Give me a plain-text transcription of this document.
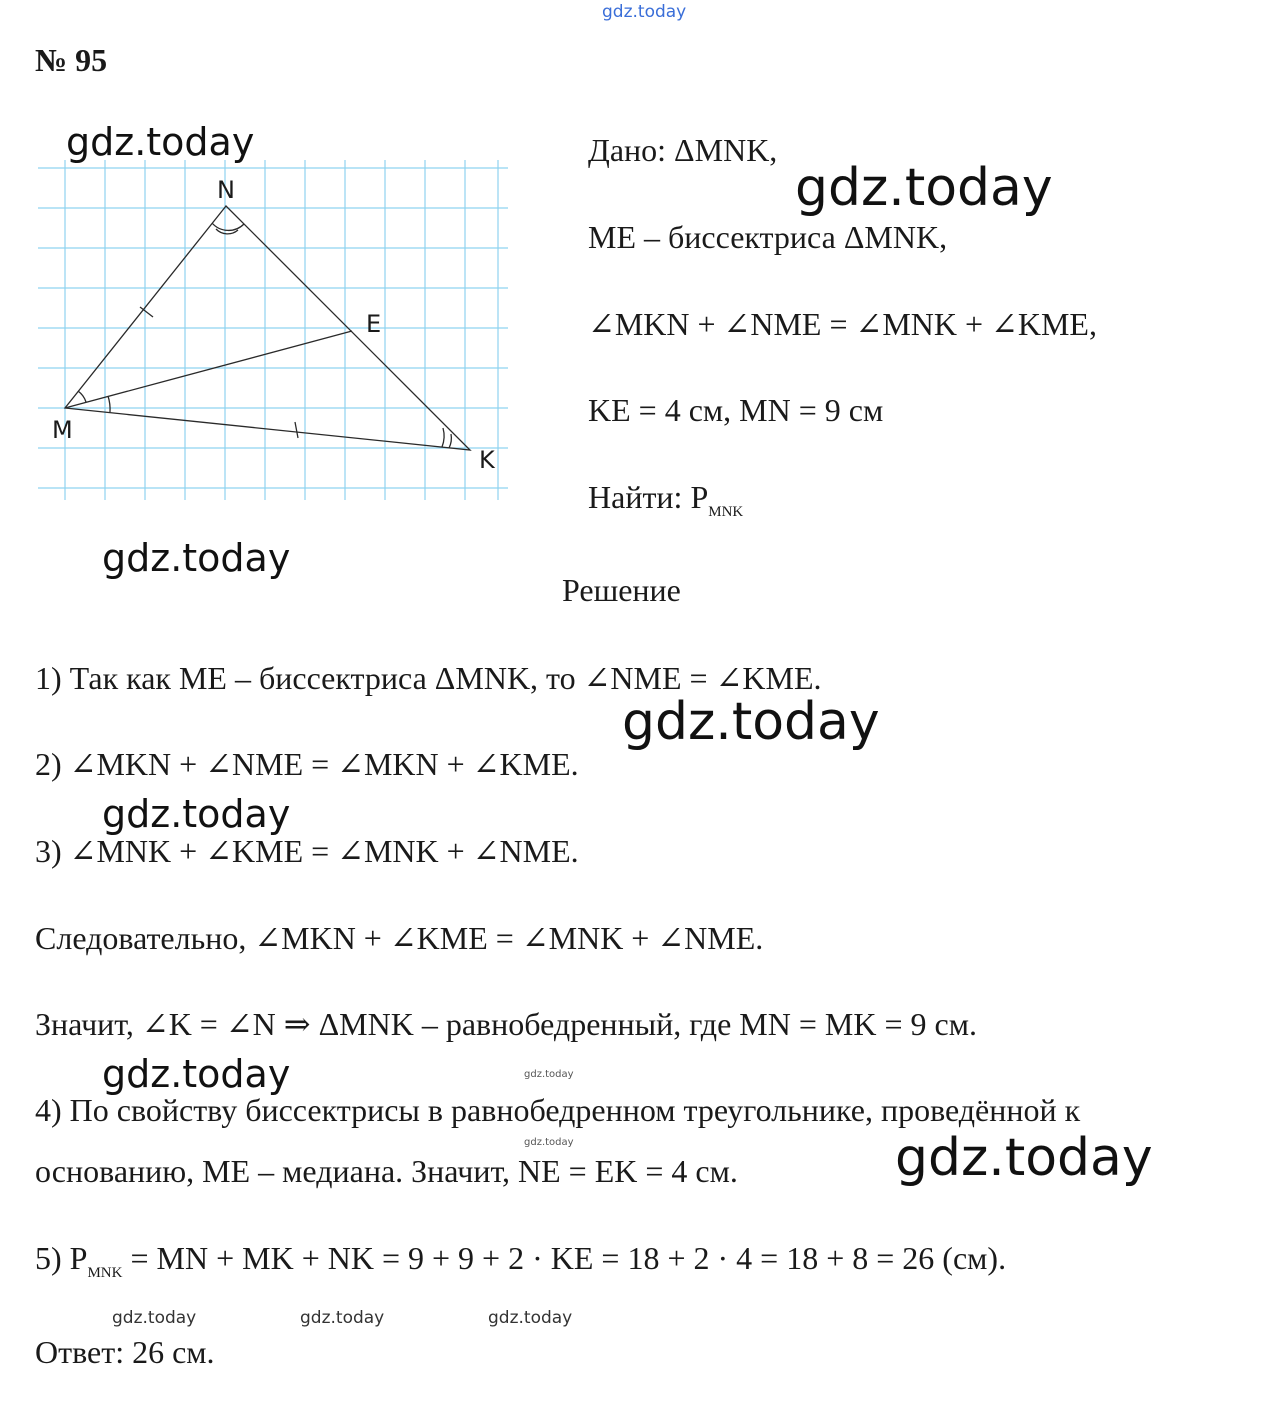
gdz.today
gdz.today
gdz.today
gdz.today
gdz.today
gdz.today
gdz.today	gdz.today
gdz.today	gdz.today
gdz.today	gdz.today	gdz.today
№ 95
N
E
M
K
Дано: ΔMNK,
ME – биссектриса ΔMNK,
∠MKN + ∠NME = ∠MNK + ∠KME,
KE = 4 см, MN = 9 см
Найти: $P_{MNK}$
Решение
1) Так как ME – биссектриса ΔMNK, то ∠NME = ∠KME.
2) ∠MKN + ∠NME = ∠MKN + ∠KME.
3) ∠MNK + ∠KME = ∠MNK + ∠NME.
Следовательно, ∠MKN + ∠KME = ∠MNK + ∠NME.
Значит, ∠K = ∠N ⇒ ΔMNK – равнобедренный, где MN = MK = 9 см.
4) По свойству биссектрисы в равнобедренном треугольнике, проведённой к
основанию, ME – медиана. Значит, NE = EK = 4 см.
5) $P_{MNK}$ = MN + MK + NK = 9 + 9 + 2 · KE = 18 + 2 · 4 = 18 + 8 = 26 (см).
Ответ: 26 см.
